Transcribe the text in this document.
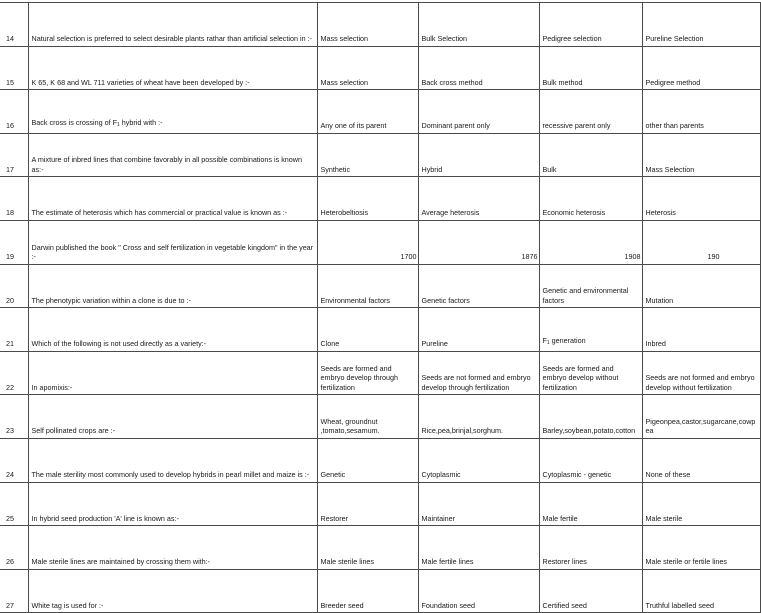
14	Natural selection is preferred to select desirable plants rathar than artificial selection in :-	Mass selection	Bulk Selection	Pedigree selection	Pureline Selection
15	K 65, K 68 and WL 711 varieties of wheat have been developed by :-	Mass selection	Back cross method	Bulk method	Pedigree method
16	Back cross is crossing of $F_1$ hybrid with :-	Any one of its parent	Dominant parent only	recessive parent only	other than parents
17	A mixture of inbred lines that combine favorably in all possible combinations is known as:-	Synthetic	Hybrid	Bulk	Mass Selection
18	The estimate of heterosis which has commercial or practical value is known as :-	Heterobeltiosis	Average heterosis	Economic heterosis	Heterosis
19	Darwin published the book " Cross and self fertilization in vegetable kingdom" in the year :-	1700	1876	1908	190
20	The phenotypic variation within a clone is due to :-	Environmental factors	Genetic factors	Genetic and environmental factors	Mutation
21	Which of the following is not used directly as a variety:-	Clone	Pureline	$F_1$ generation	Inbred
22	In apomixis:-	Seeds are formed and embryo develop through fertilization	Seeds are not formed and embryo develop through fertilization	Seeds are formed and embryo develop without fertilization	Seeds are not formed and embryo develop without fertilization
23	Self pollinated crops are :-	Wheat, groundnut ,tomato,sesamum.	Rice,pea,brinjal,sorghum.	Barley,soybean,potato,cotton	Pigeonpea,castor,sugarcane,cowpea
24	The male sterility most commonly used to develop hybrids in pearl millet and maize is :-	Genetic	Cytoplasmic	Cytoplasmic - genetic	None of these
25	In hybrid seed production 'A' line is known as:-	Restorer	Maintainer	Male fertile	Male sterile
26	Male sterile lines are maintained by crossing them with:-	Male sterile lines	Male fertile lines	Restorer lines	Male sterile or fertile lines
27	White tag is used for :-	Breeder seed	Foundation seed	Certified seed	Truthful labelled seed
